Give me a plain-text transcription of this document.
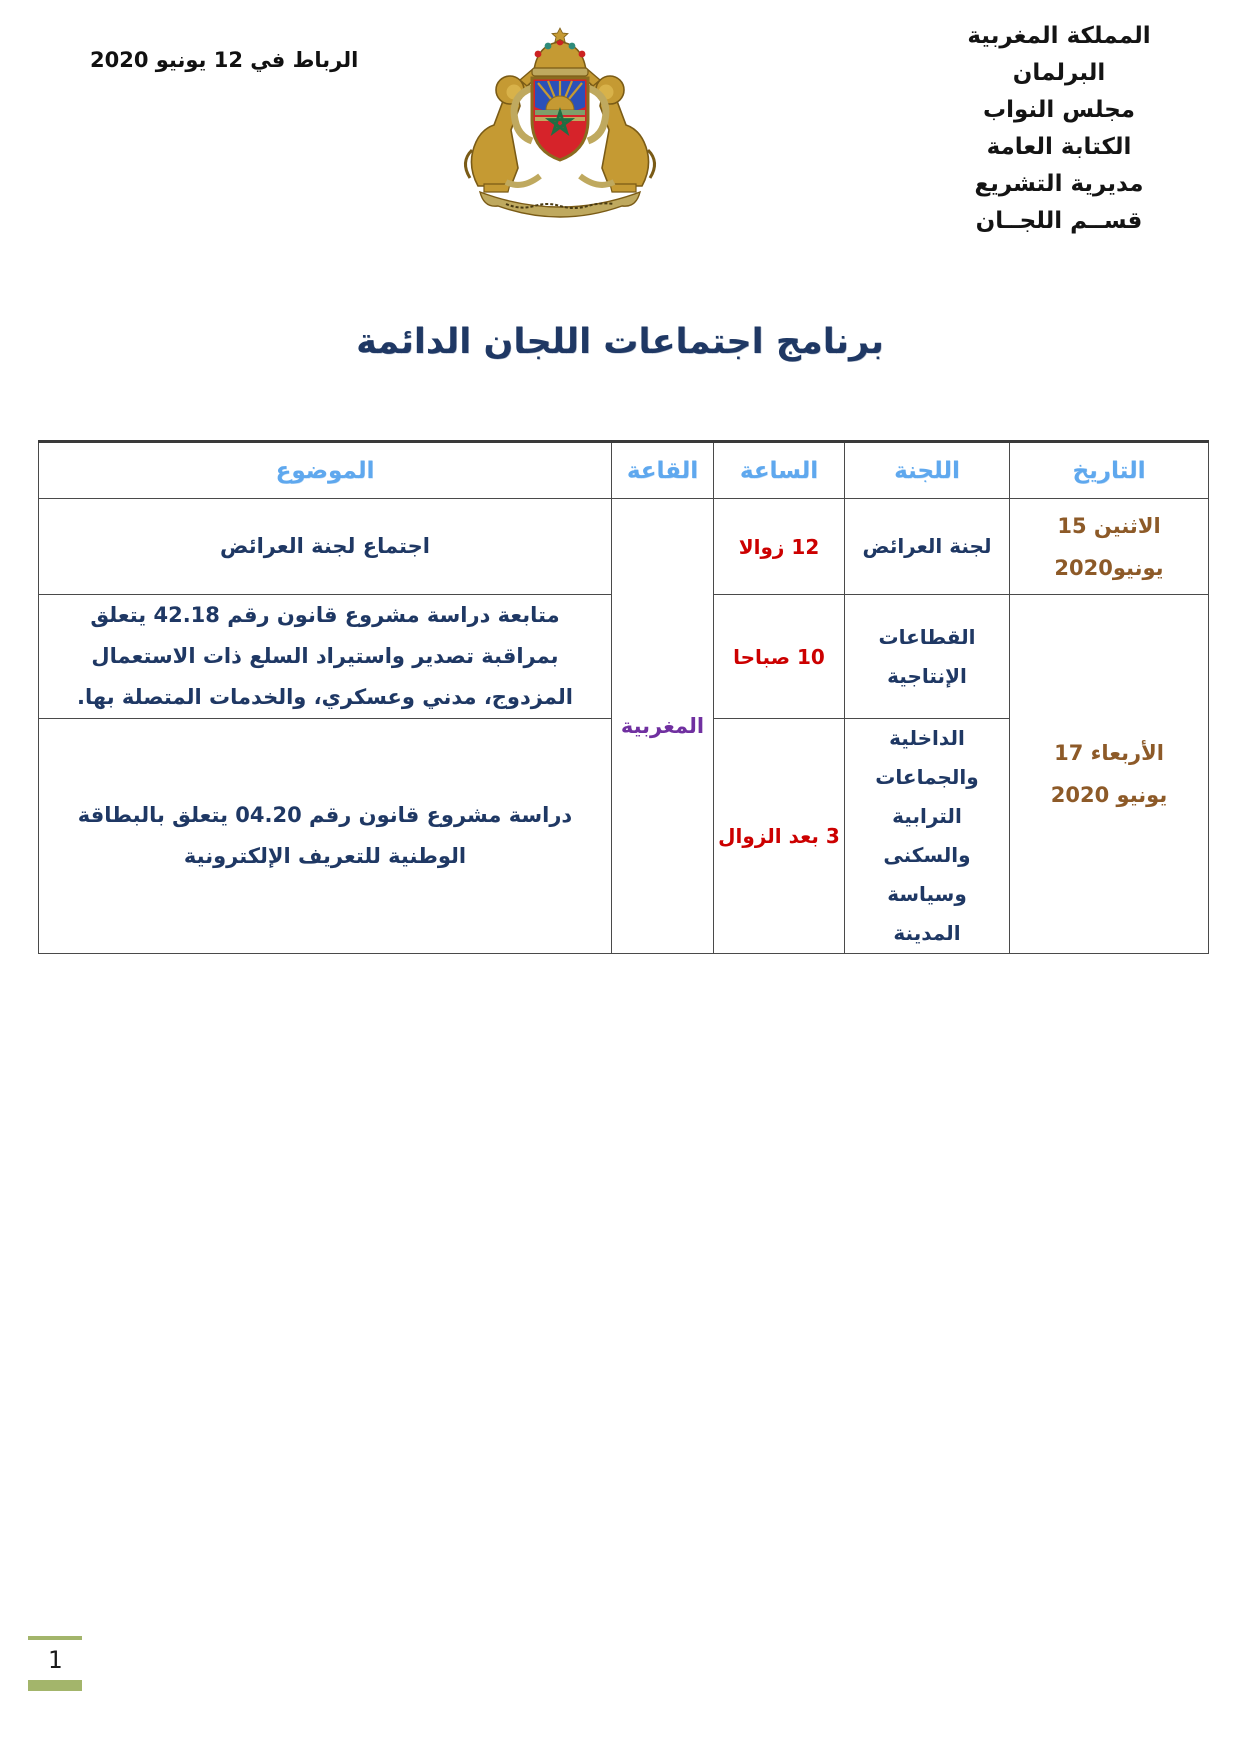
الرباط في 12 يونيو 2020
المملكة المغربية
البرلمان
مجلس النواب
الكتابة العامة
مديرية التشريع
قســم اللجــان
برنامج اجتماعات اللجان الدائمة
التاريخ	اللجنة	الساعة	القاعة	الموضوع
الاثنين 15 يونيو2020	لجنة العرائض	12 زوالا	المغربية	اجتماع لجنة العرائض
الأربعاء 17 يونيو 2020	القطاعات الإنتاجية	10 صباحا		متابعة دراسة مشروع قانون رقم 42.18 يتعلق بمراقبة تصدير واستيراد السلع ذات الاستعمال المزدوج، مدني وعسكري، والخدمات المتصلة بها.
	الداخلية والجماعات الترابية والسكنى وسياسة المدينة	3 بعد الزوال		دراسة مشروع قانون رقم 04.20 يتعلق بالبطاقة الوطنية للتعريف الإلكترونية
1
